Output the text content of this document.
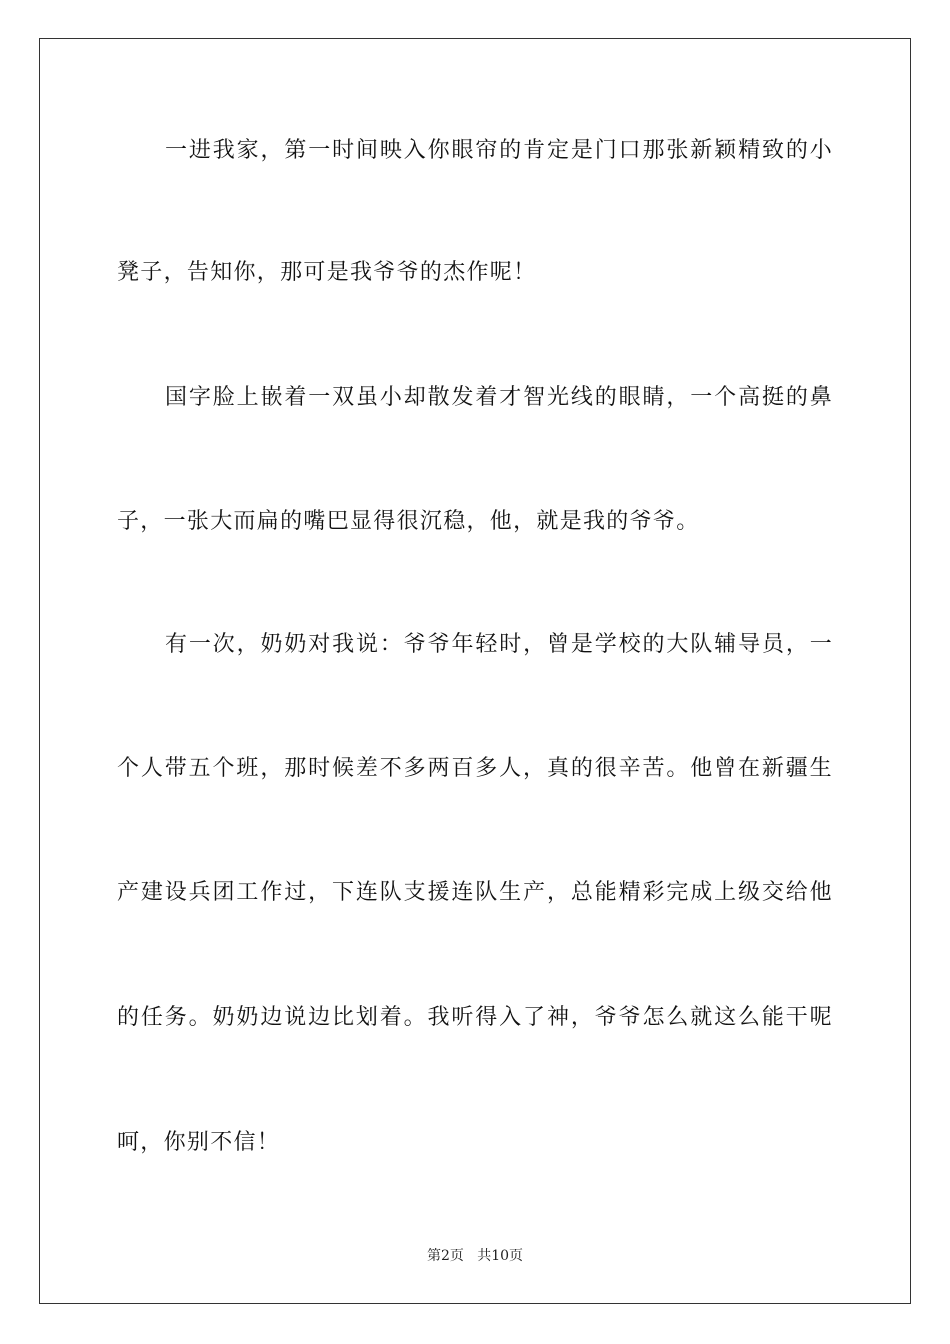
一进我家，第一时间映入你眼帘的肯定是门口那张新颖精致的小
凳子，告知你，那可是我爷爷的杰作呢！
国字脸上嵌着一双虽小却散发着才智光线的眼睛，一个高挺的鼻
子，一张大而扁的嘴巴显得很沉稳，他，就是我的爷爷。
有一次，奶奶对我说：爷爷年轻时，曾是学校的大队辅导员，一
个人带五个班，那时候差不多两百多人，真的很辛苦。他曾在新疆生
产建设兵团工作过，下连队支援连队生产，总能精彩完成上级交给他
的任务。奶奶边说边比划着。我听得入了神，爷爷怎么就这么能干呢
呵，你别不信！
第2页   共10页
